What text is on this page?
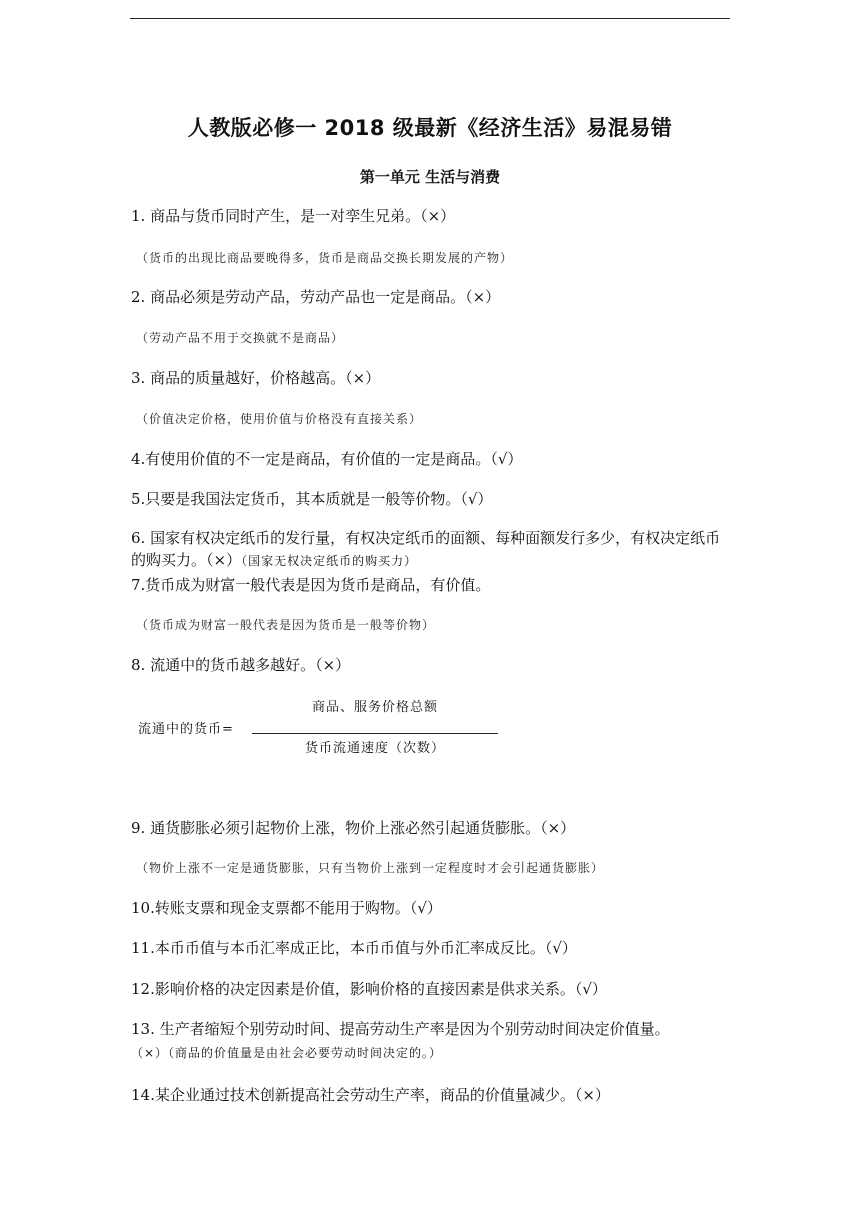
人教版必修一 2018 级最新《经济生活》易混易错
第一单元 生活与消费
1. 商品与货币同时产生，是一对孪生兄弟。（×）
（货币的出现比商品要晚得多，货币是商品交换长期发展的产物）
2. 商品必须是劳动产品，劳动产品也一定是商品。（×）
（劳动产品不用于交换就不是商品）
3. 商品的质量越好，价格越高。（×）
（价值决定价格，使用价值与价格没有直接关系）
4.有使用价值的不一定是商品，有价值的一定是商品。（√）
5.只要是我国法定货币，其本质就是一般等价物。（√）
6. 国家有权决定纸币的发行量，有权决定纸币的面额、每种面额发行多少，有权决定纸币的购买力。（×）（国家无权决定纸币的购买力）
7.货币成为财富一般代表是因为货币是商品，有价值。
（货币成为财富一般代表是因为货币是一般等价物）
8. 流通中的货币越多越好。（×）
流通中的货币=
商品、服务价格总额
货币流通速度（次数）
9. 通货膨胀必须引起物价上涨，物价上涨必然引起通货膨胀。（×）
（物价上涨不一定是通货膨胀，只有当物价上涨到一定程度时才会引起通货膨胀）
10.转账支票和现金支票都不能用于购物。（√）
11.本币币值与本币汇率成正比，本币币值与外币汇率成反比。（√）
12.影响价格的决定因素是价值，影响价格的直接因素是供求关系。（√）
13. 生产者缩短个别劳动时间、提高劳动生产率是因为个别劳动时间决定价值量。
（×）（商品的价值量是由社会必要劳动时间决定的。）
14.某企业通过技术创新提高社会劳动生产率，商品的价值量减少。（×）
